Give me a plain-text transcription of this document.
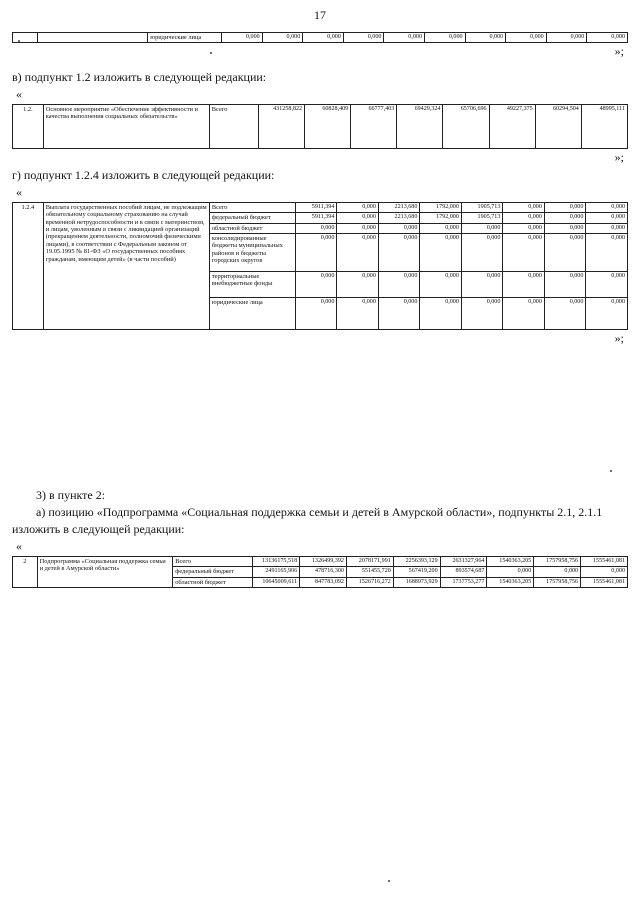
17
		юридические лица	0,000	0,000	0,000	0,000	0,000	0,000	0,000	0,000	0,000	0,000
»;
в) подпункт 1.2 изложить в следующей редакции:
«
1.2.	Основное мероприятие «Обеспечение эффективности и качества выполнения социальных обязательств»	Всего	431258,822	60828,409	66777,403	69429,324	65706,696	49227,375	60294,504	48995,111
»;
г) подпункт 1.2.4 изложить в следующей редакции:
«
1.2.4	Выплата государственных пособий лицам, не подлежащим обязательному социальному страхованию на случай временной нетрудоспособности и в связи с материнством, и лицам, уволенным в связи с ликвидацией организаций (прекращением деятельности, полномочий физическими лицами), в соответствии с Федеральным законом от 19.05.1995 № 81-ФЗ «О государственных пособиях гражданам, имеющим детей» (в части пособий)	Всего	5911,394	0,000	2213,680	1792,000	1905,713	0,000	0,000	0,000
		федеральный бюджет	5911,394	0,000	2213,680	1792,000	1905,713	0,000	0,000	0,000
		областной бюджет	0,000	0,000	0,000	0,000	0,000	0,000	0,000	0,000
		консолидированные бюджеты муниципальных районов и бюджеты городских округов	0,000	0,000	0,000	0,000	0,000	0,000	0,000	0,000
		территориальные внебюджетные фонды	0,000	0,000	0,000	0,000	0,000	0,000	0,000	0,000
		юридические лица	0,000	0,000	0,000	0,000	0,000	0,000	0,000	0,000
»;
3) в пункте 2:
а) позицию «Подпрограмма «Социальная поддержка семьи и детей в Амурской области», подпункты 2.1, 2.1.1
изложить в следующей редакции:
«
2	Подпрограмма «Социальная поддержка семьи и детей в Амурской области»	Всего	13136175,518	1326499,392	2078171,991	2256393,129	2631327,964	1540363,205	1757958,756	1555461,081
		федеральный бюджет	2491165,906	478716,300	551455,720	567419,200	893574,687	0,000	0,000	0,000
		областной бюджет	10645009,611	847783,092	1526716,272	1688973,929	1737753,277	1540363,205	1757958,756	1555461,081
